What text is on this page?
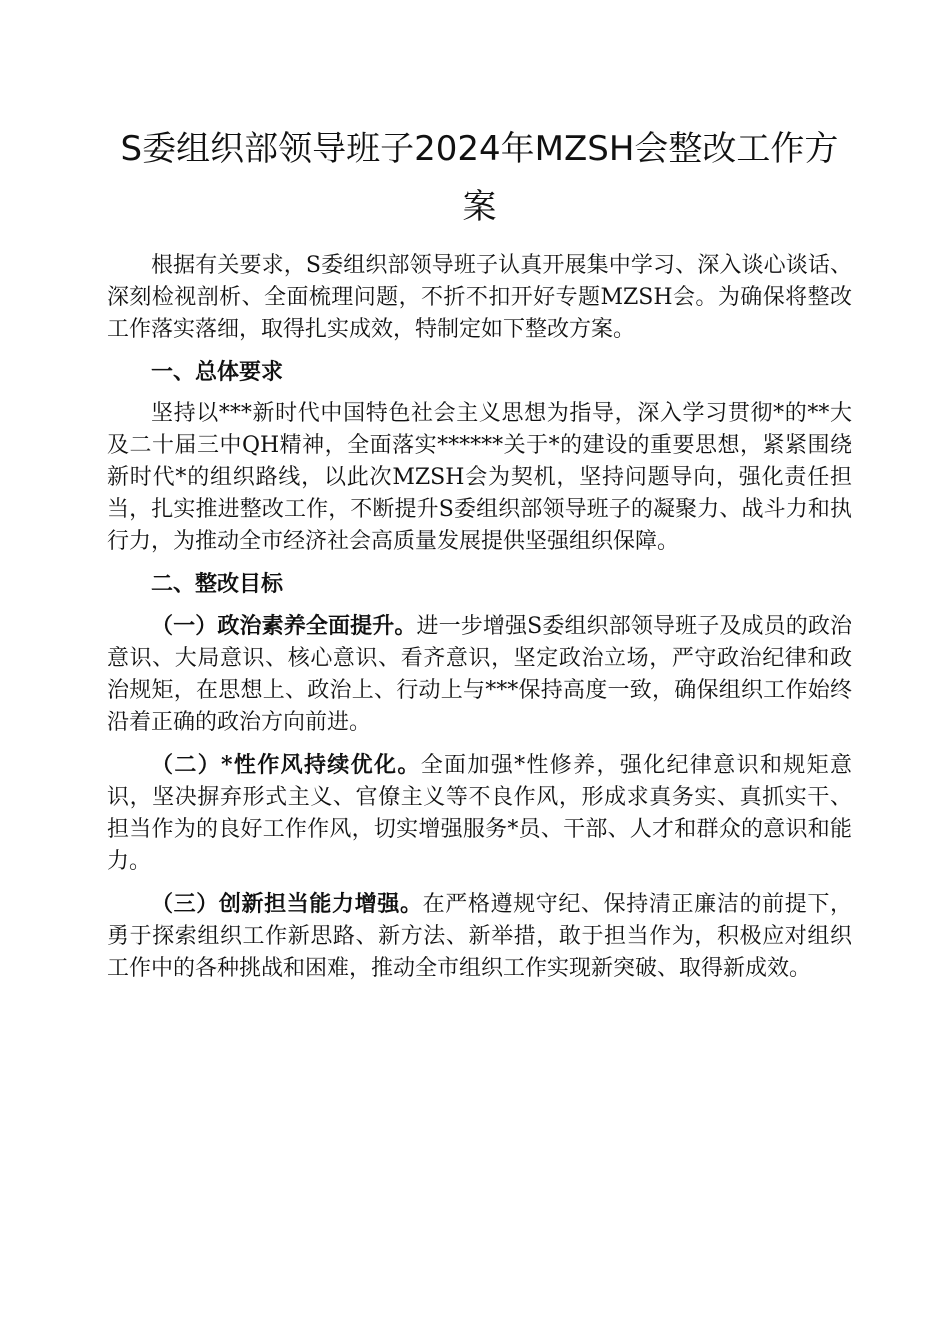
S委组织部领导班子2024年MZSH会整改工作方
案

根据有关要求，S委组织部领导班子认真开展集中学习、深入谈心谈话、深刻检视剖析、全面梳理问题，不折不扣开好专题MZSH会。为确保将整改工作落实落细，取得扎实成效，特制定如下整改方案。

一、总体要求

坚持以***新时代中国特色社会主义思想为指导，深入学习贯彻*的**大及二十届三中QH精神，全面落实******关于*的建设的重要思想，紧紧围绕新时代*的组织路线，以此次MZSH会为契机，坚持问题导向，强化责任担当，扎实推进整改工作，不断提升S委组织部领导班子的凝聚力、战斗力和执行力，为推动全市经济社会高质量发展提供坚强组织保障。

二、整改目标

（一）政治素养全面提升。进一步增强S委组织部领导班子及成员的政治意识、大局意识、核心意识、看齐意识，坚定政治立场，严守政治纪律和政治规矩，在思想上、政治上、行动上与***保持高度一致，确保组织工作始终沿着正确的政治方向前进。

（二）*性作风持续优化。全面加强*性修养，强化纪律意识和规矩意识，坚决摒弃形式主义、官僚主义等不良作风，形成求真务实、真抓实干、担当作为的良好工作作风，切实增强服务*员、干部、人才和群众的意识和能力。

（三）创新担当能力增强。在严格遵规守纪、保持清正廉洁的前提下，勇于探索组织工作新思路、新方法、新举措，敢于担当作为，积极应对组织工作中的各种挑战和困难，推动全市组织工作实现新突破、取得新成效。
